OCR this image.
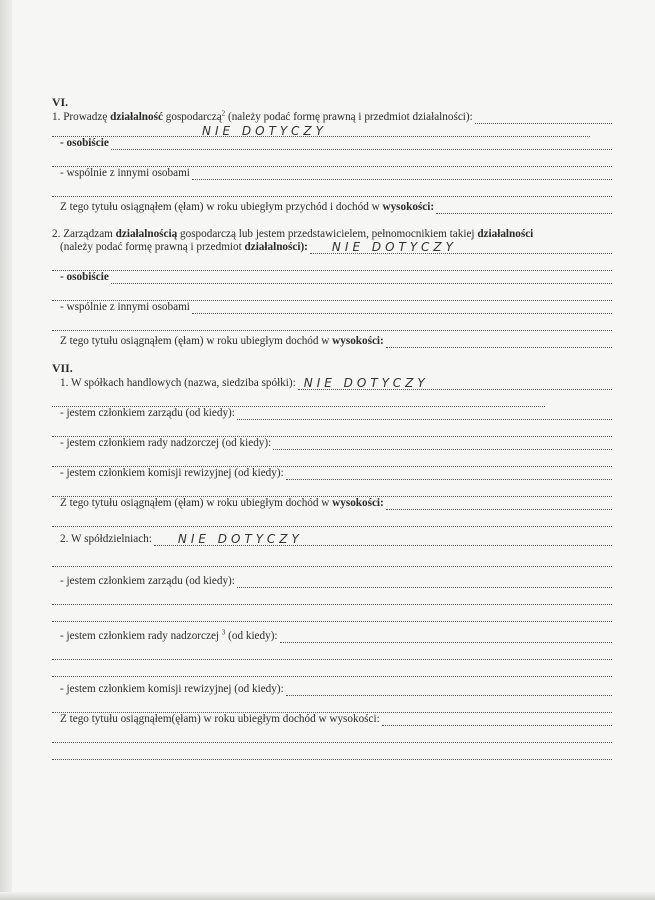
VI.
1. Prowadzę działalność gospodarczą$^2$ (należy podać formę prawną i przedmiot działalności):
NIE DOTYCZY
- osobiście
- wspólnie z innymi osobami
Z tego tytułu osiągnąłem (ęłam) w roku ubiegłym przychód i dochód w wysokości:
2. Zarządzam działalnością gospodarczą lub jestem przedstawicielem, pełnomocnikiem takiej działalności
(należy podać formę prawną i przedmiot działalności): NIE DOTYCZY
- osobiście
- wspólnie z innymi osobami
Z tego tytułu osiągnąłem (ęłam) w roku ubiegłym dochód w wysokości:
VII.
1. W spółkach handlowych (nazwa, siedziba spółki): NIE DOTYCZY
- jestem członkiem zarządu (od kiedy):
- jestem członkiem rady nadzorczej (od kiedy):
- jestem członkiem komisji rewizyjnej (od kiedy):
Z tego tytułu osiągnąłem (ęłam) w roku ubiegłym dochód w wysokości:
2. W spółdzielniach: NIE DOTYCZY
- jestem członkiem zarządu (od kiedy):
- jestem członkiem rady nadzorczej $^3$ (od kiedy):
- jestem członkiem komisji rewizyjnej (od kiedy):
Z tego tytułu osiągnąłem(ęłam) w roku ubiegłym dochód w wysokości:
